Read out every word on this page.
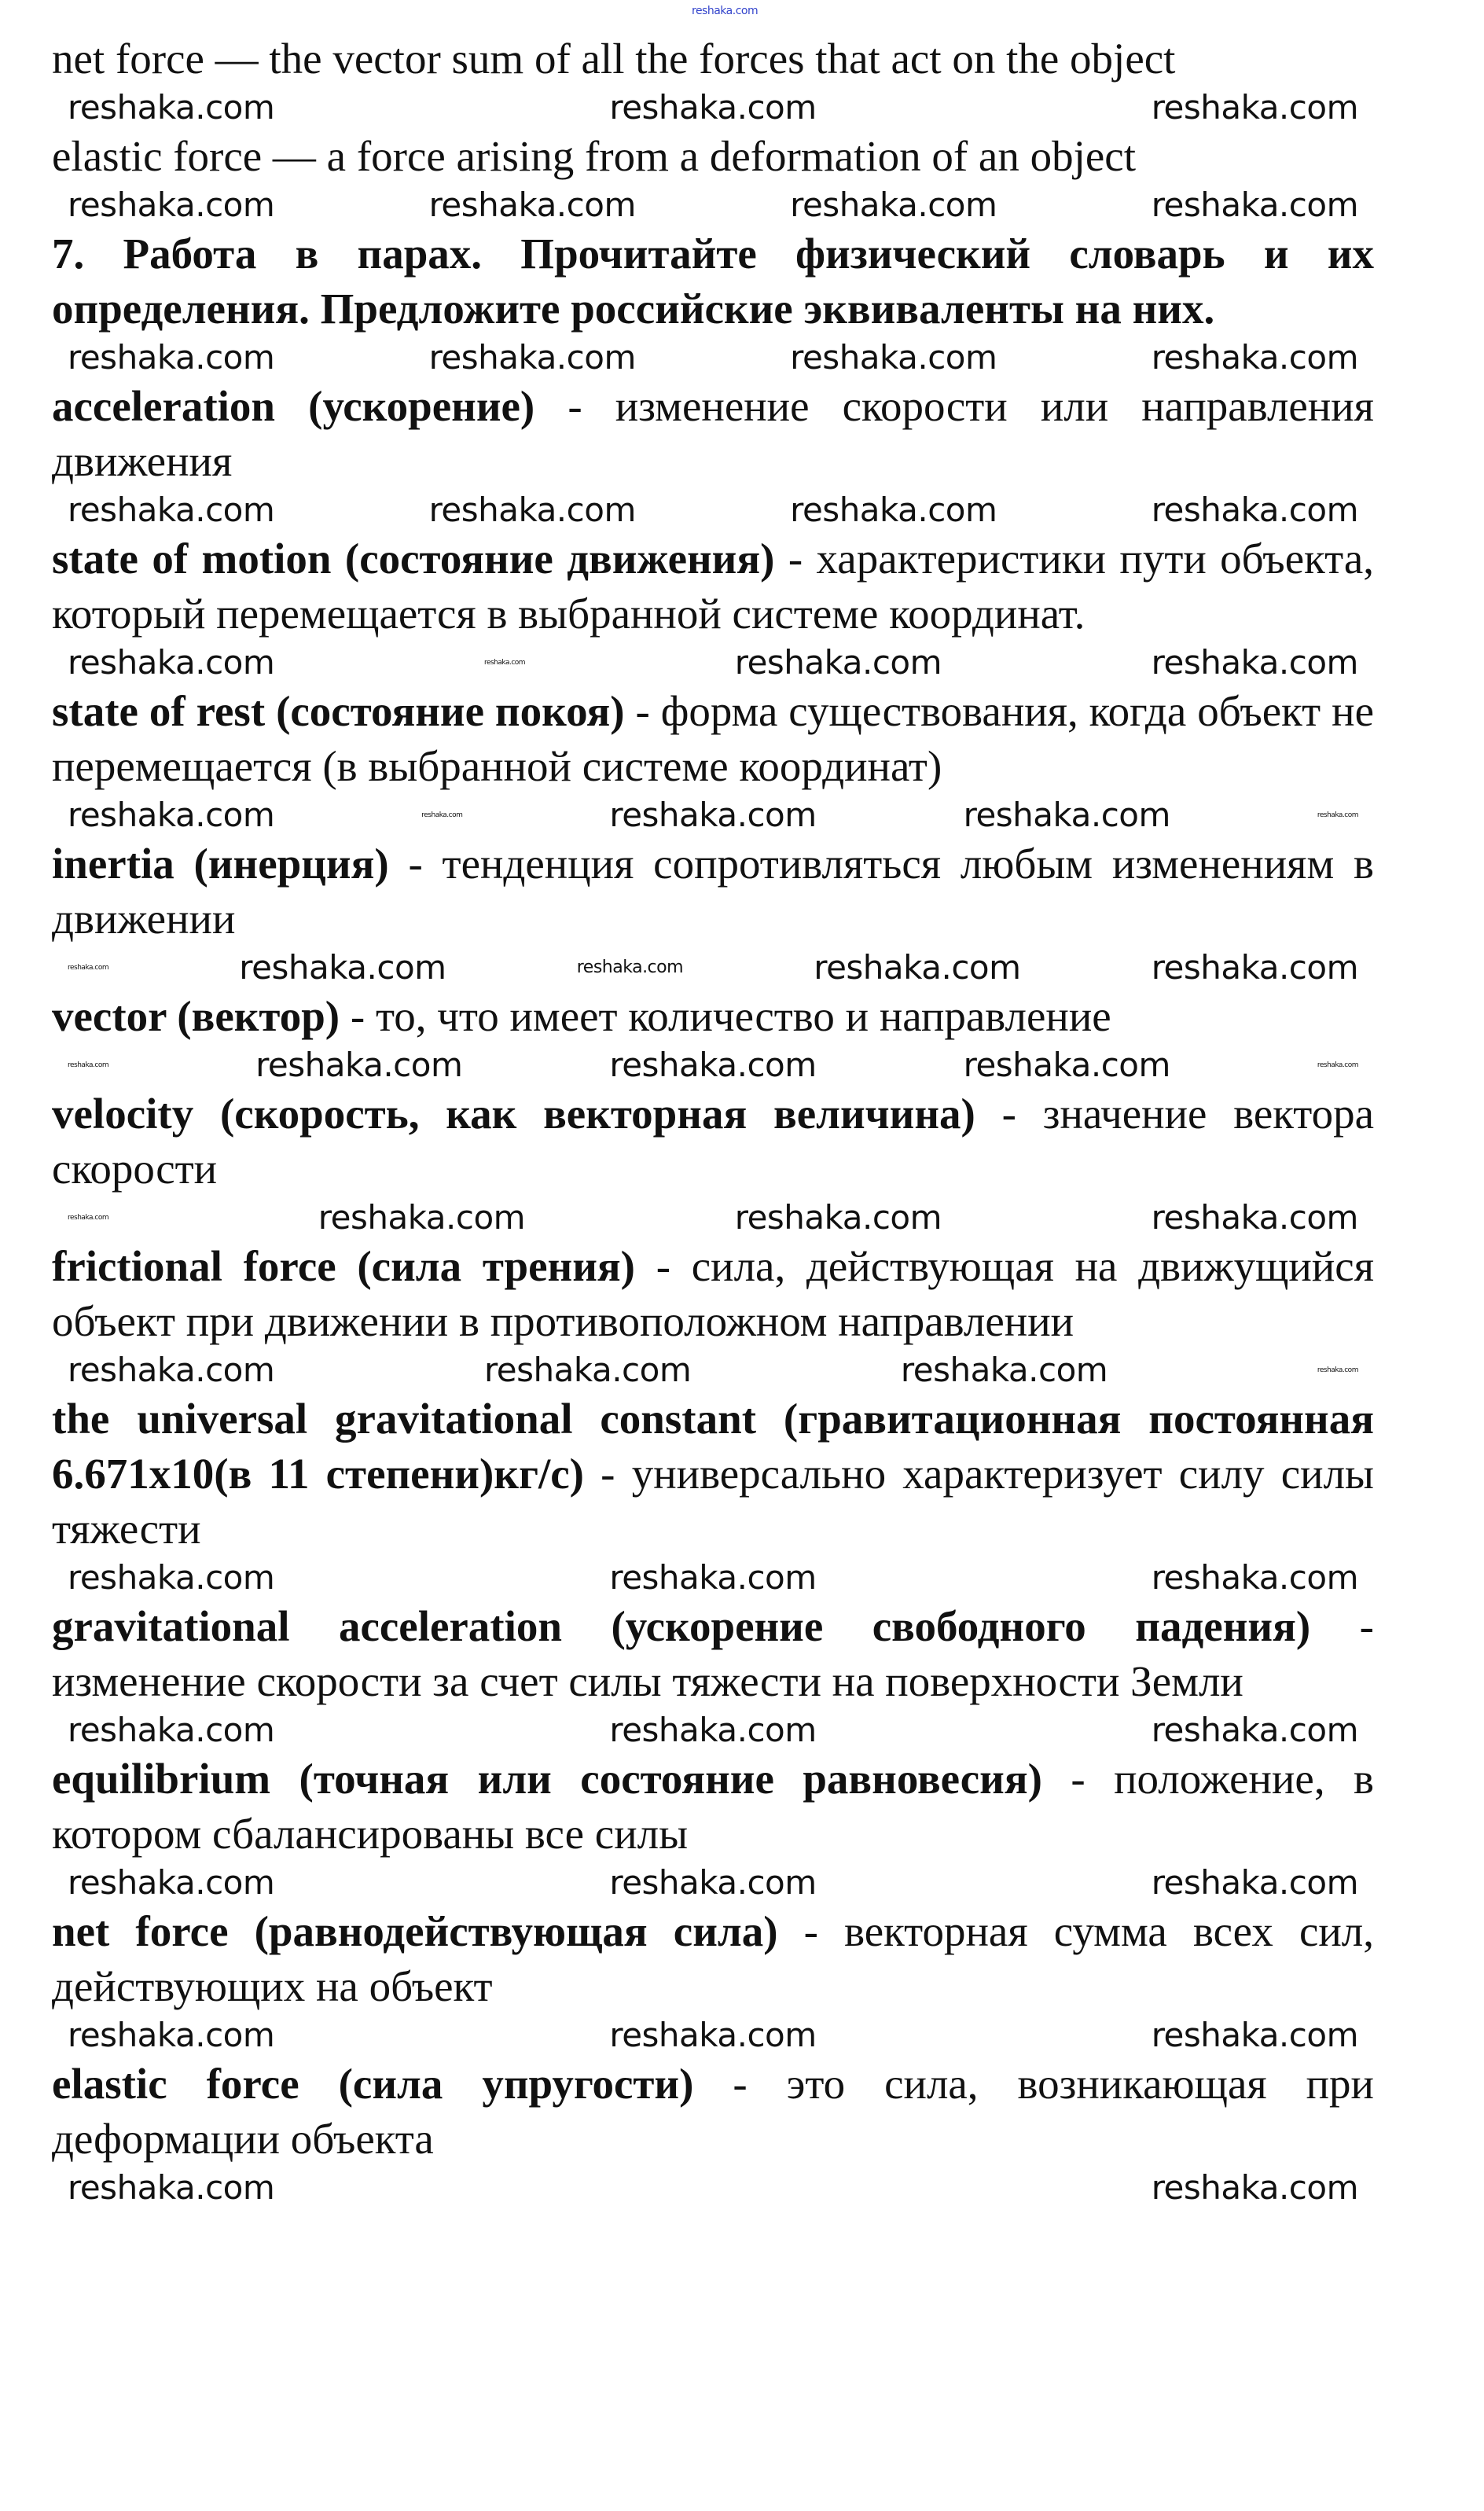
reshaka.com

net force — the vector sum of all the forces that act on the object

reshaka.com	reshaka.com	reshaka.com

elastic force — a force arising from a deformation of an object

reshaka.com	reshaka.com	reshaka.com	reshaka.com

7. Работа в парах. Прочитайте физический словарь и их определения. Предложите российские эквиваленты на них.

reshaka.com	reshaka.com	reshaka.com	reshaka.com

acceleration (ускорение) - изменение скорости или направления движения

reshaka.com	reshaka.com	reshaka.com	reshaka.com

state of motion (состояние движения) - характеристики пути объекта, который перемещается в выбранной системе координат.

reshaka.com	reshaka.com	reshaka.com	reshaka.com

state of rest (состояние покоя) - форма существования, когда объект не перемещается (в выбранной системе координат)

reshaka.com	reshaka.com	reshaka.com	reshaka.com	reshaka.com

inertia (инерция) - тенденция сопротивляться любым изменениям в движении

reshaka.com	reshaka.com	reshaka.com	reshaka.com	reshaka.com

vector (вектор) - то, что имеет количество и направление

reshaka.com	reshaka.com	reshaka.com	reshaka.com	reshaka.com

velocity (скорость, как векторная величина) - значение вектора скорости

reshaka.com	reshaka.com	reshaka.com	reshaka.com

frictional force (сила трения) - сила, действующая на движущийся объект при движении в противоположном направлении

reshaka.com	reshaka.com	reshaka.com	reshaka.com

the universal gravitational constant (гравитационная постоянная 6.671x10(в 11 степени)кг/с) - универсально характеризует силу силы тяжести

reshaka.com	reshaka.com	reshaka.com

gravitational acceleration (ускорение свободного падения) - изменение скорости за счет силы тяжести на поверхности Земли

reshaka.com	reshaka.com	reshaka.com

equilibrium (точная или состояние равновесия) - положение, в котором сбалансированы все силы

reshaka.com	reshaka.com	reshaka.com

net force (равнодействующая сила) - векторная сумма всех сил, действующих на объект

reshaka.com	reshaka.com	reshaka.com

elastic force (сила упругости) - это сила, возникающая при деформации объекта

reshaka.com	reshaka.com
